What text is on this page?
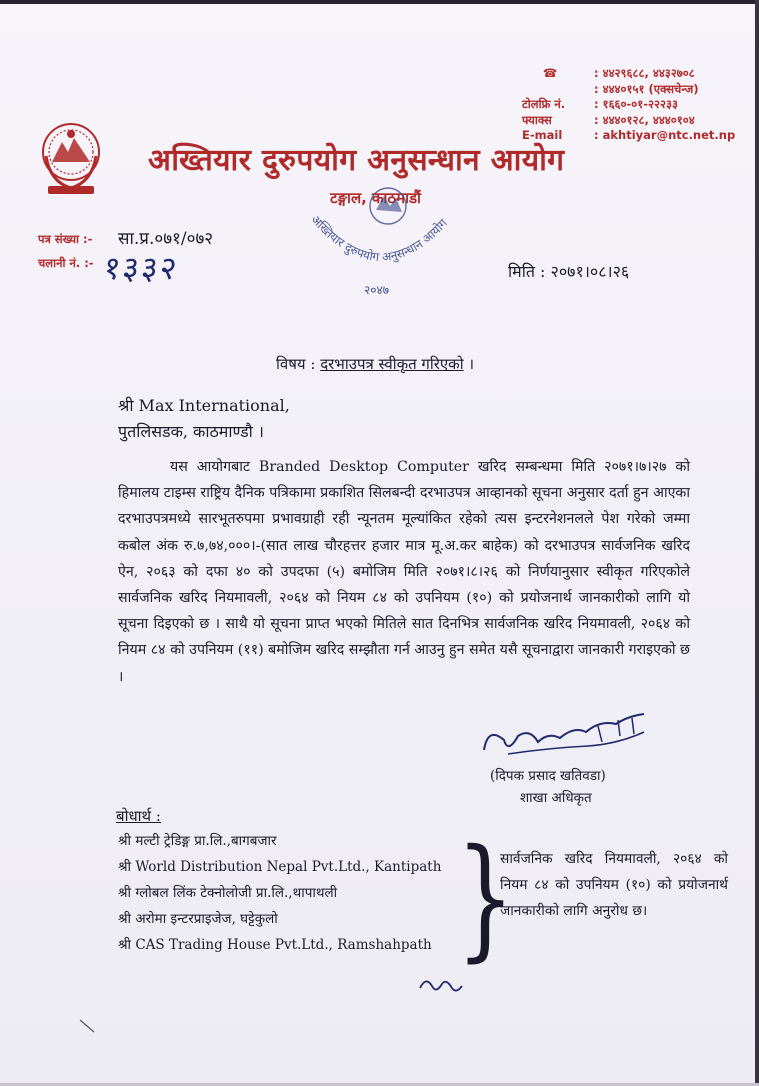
☎	: ४४२९६८८, ४४३२७०८
: ४४४०१५१ (एक्सचेन्ज)
टोलफ्रि नं.	: १६६०-०१-२२२३३
फ्याक्स	: ४४४०१२८, ४४४०१०४
E-mail	: akhtiyar@ntc.net.np
अख्तियार दुरुपयोग अनुसन्धान आयोग
टङ्गाल, काठमाडौं
पत्र संख्या :- सा.प्र.०७१/०७२
चलानी नं. :- १३३२
अख्तियार दुरुपयोग अनुसन्धान आयोग
२०४७
मिति : २०७१।०८।२६
विषय : दरभाउपत्र स्वीकृत गरिएको ।
श्री Max International,
पुतलिसडक, काठमाण्डौ ।
यस आयोगबाट Branded Desktop Computer खरिद सम्बन्धमा मिति २०७१।७।२७ को हिमालय टाइम्स राष्ट्रिय दैनिक पत्रिकामा प्रकाशित सिलबन्दी दरभाउपत्र आव्हानको सूचना अनुसार दर्ता हुन आएका दरभाउपत्रमध्ये सारभूतरुपमा प्रभावग्राही रही न्यूनतम मूल्यांकित रहेको त्यस इन्टरनेशनलले पेश गरेको जम्मा कबोल अंक रु.७,७४,०००।-(सात लाख चौरहत्तर हजार मात्र मू.अ.कर बाहेक) को दरभाउपत्र सार्वजनिक खरिद ऐन, २०६३ को दफा ४० को उपदफा (५) बमोजिम मिति २०७१।८।२६ को निर्णयानुसार स्वीकृत गरिएकोले सार्वजनिक खरिद नियमावली, २०६४ को नियम ८४ को उपनियम (१०) को प्रयोजनार्थ जानकारीको लागि यो सूचना दिइएको छ । साथै यो सूचना प्राप्त भएको मितिले सात दिनभित्र सार्वजनिक खरिद नियमावली, २०६४ को नियम ८४ को उपनियम (११) बमोजिम खरिद सम्झौता गर्न आउनु हुन समेत यसै सूचनाद्वारा जानकारी गराइएको छ ।
(दिपक प्रसाद खतिवडा)
शाखा अधिकृत
बोधार्थ :
श्री मल्टी ट्रेडिङ्ग प्रा.लि.,बागबजार
श्री World Distribution Nepal Pvt.Ltd., Kantipath
श्री ग्लोबल लिंक टेक्नोलोजी प्रा.लि.,थापाथली
श्री अरोमा इन्टरप्राइजेज, घट्टेकुलो
श्री CAS Trading House Pvt.Ltd., Ramshahpath }
सार्वजनिक खरिद नियमावली, २०६४ को नियम ८४ को उपनियम (१०) को प्रयोजनार्थ जानकारीको लागि अनुरोध छ।
